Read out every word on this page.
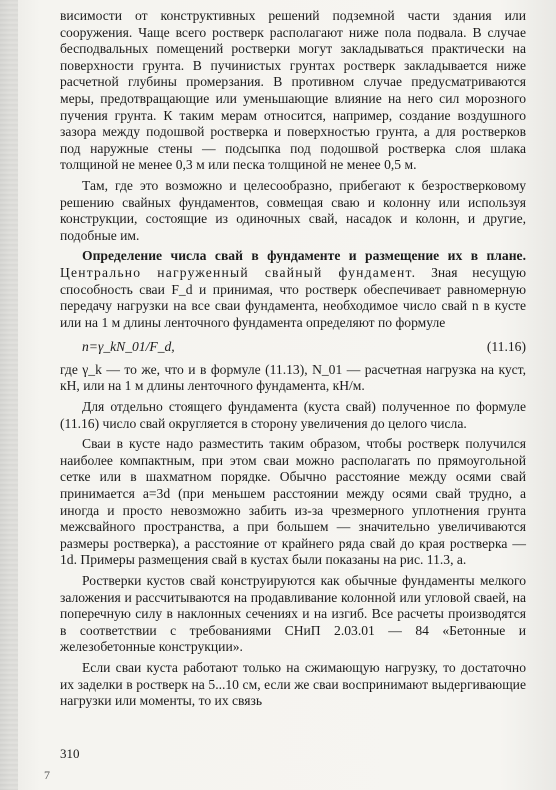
висимости от конструктивных решений подземной части здания или сооружения. Чаще всего ростверк располагают ниже пола подвала. В случае бесподвальных помещений ростверки могут закладываться практически на поверхности грунта. В пучинистых грунтах ростверк закладывается ниже расчетной глубины промерзания. В противном случае предусматриваются меры, предотвращающие или уменьшающие влияние на него сил морозного пучения грунта. К таким мерам относится, например, создание воздушного зазора между подошвой ростверка и поверхностью грунта, а для ростверков под наружные стены — подсыпка под подошвой ростверка слоя шлака толщиной не менее 0,3 м или песка толщиной не менее 0,5 м.

Там, где это возможно и целесообразно, прибегают к безростверковому решению свайных фундаментов, совмещая сваю и колонну или используя конструкции, состоящие из одиночных свай, насадок и колонн, и другие, подобные им.

Определение числа свай в фундаменте и размещение их в плане. Центрально нагруженный свайный фундамент. Зная несущую способность сваи F_d и принимая, что ростверк обеспечивает равномерную передачу нагрузки на все сваи фундамента, необходимое число свай n в кусте или на 1 м длины ленточного фундамента определяют по формуле

n=γ_kN_01/F_d,	(11.16)

где γ_k — то же, что и в формуле (11.13), N_01 — расчетная нагрузка на куст, кН, или на 1 м длины ленточного фундамента, кН/м.

Для отдельно стоящего фундамента (куста свай) полученное по формуле (11.16) число свай округляется в сторону увеличения до целого числа.

Сваи в кусте надо разместить таким образом, чтобы ростверк получился наиболее компактным, при этом сваи можно располагать по прямоугольной сетке или в шахматном порядке. Обычно расстояние между осями свай принимается a=3d (при меньшем расстоянии между осями свай трудно, а иногда и просто невозможно забить из-за чрезмерного уплотнения грунта межсвайного пространства, а при большем — значительно увеличиваются размеры ростверка), а расстояние от крайнего ряда свай до края ростверка — 1d. Примеры размещения свай в кустах были показаны на рис. 11.3, а.

Ростверки кустов свай конструируются как обычные фундаменты мелкого заложения и рассчитываются на продавливание колонной или угловой сваей, на поперечную силу в наклонных сечениях и на изгиб. Все расчеты производятся в соответствии с требованиями СНиП 2.03.01 — 84 «Бетонные и железобетонные конструкции».

Если сваи куста работают только на сжимающую нагрузку, то достаточно их заделки в ростверк на 5...10 см, если же сваи воспринимают выдергивающие нагрузки или моменты, то их связь

310
7
